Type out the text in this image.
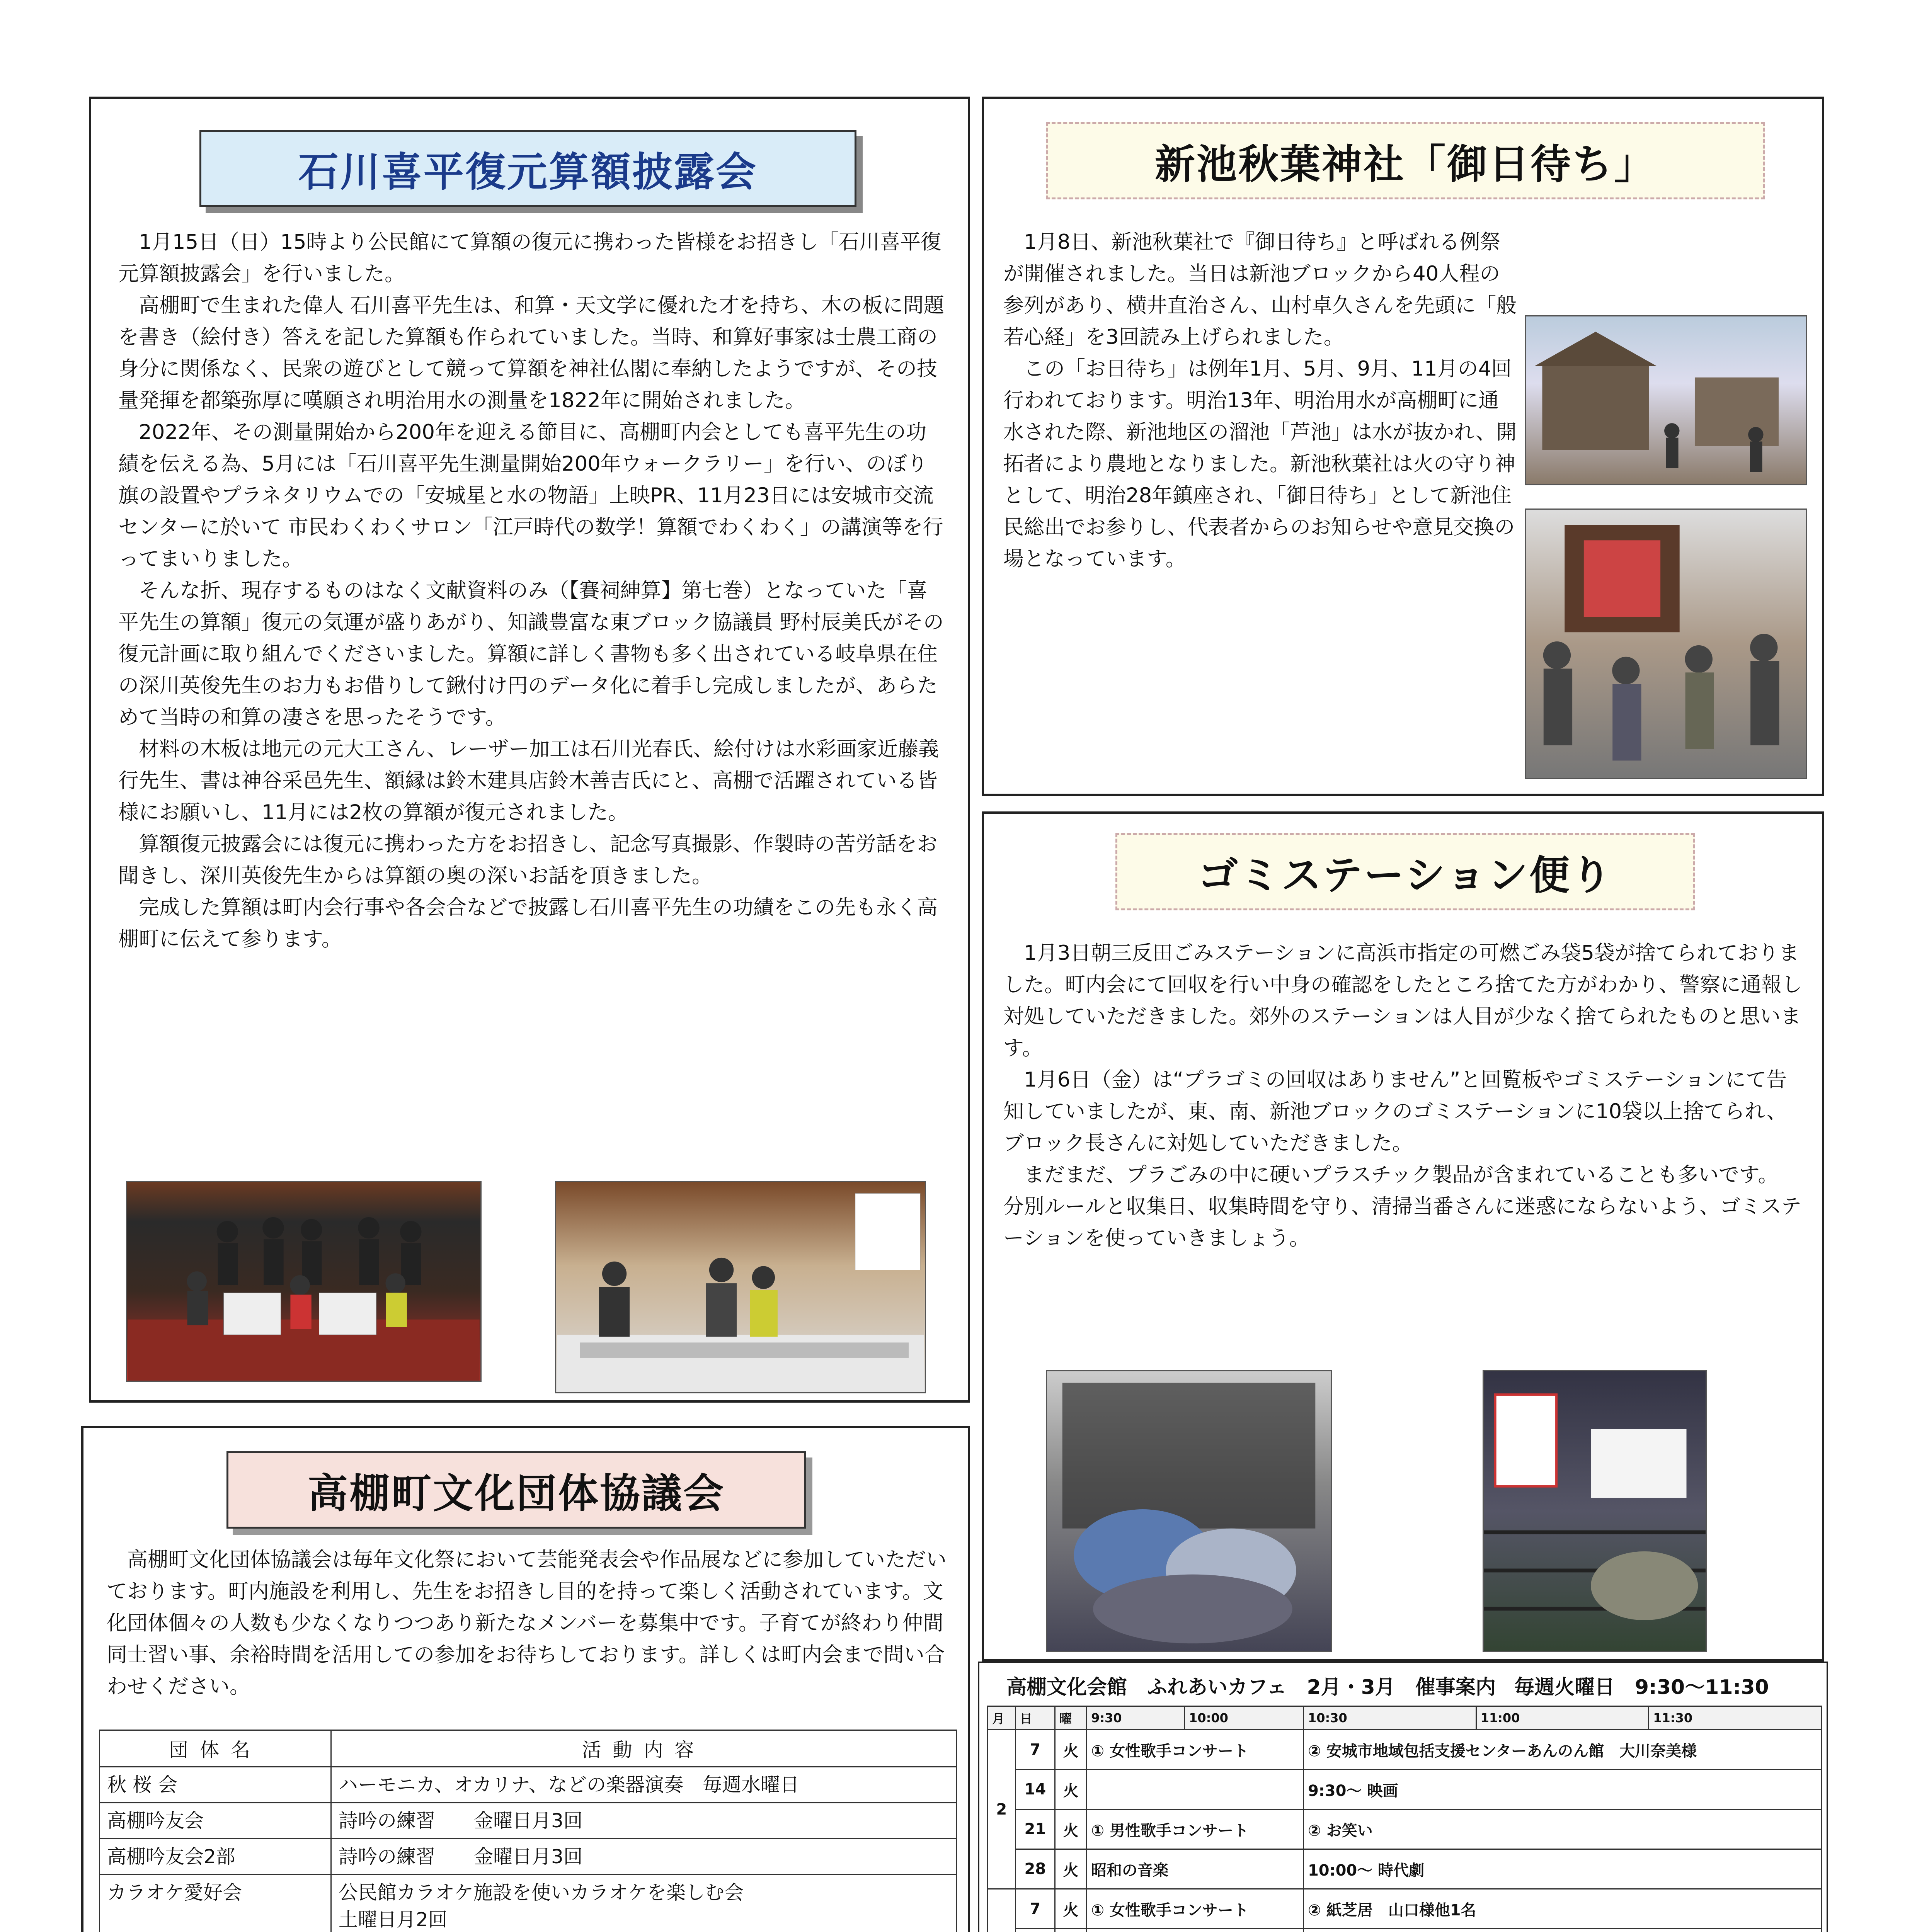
石川喜平復元算額披露会

1月15日（日）15時より公民館にて算額の復元に携わった皆様をお招きし「石川喜平復元算額披露会」を行いました。

高棚町で生まれた偉人 石川喜平先生は、和算・天文学に優れた才を持ち、木の板に問題を書き（絵付き）答えを記した算額も作られていました。当時、和算好事家は士農工商の身分に関係なく、民衆の遊びとして競って算額を神社仏閣に奉納したようですが、その技量発揮を都築弥厚に嘆願され明治用水の測量を1822年に開始されました。

2022年、その測量開始から200年を迎える節目に、高棚町内会としても喜平先生の功績を伝える為、5月には「石川喜平先生測量開始200年ウォークラリー」を行い、のぼり旗の設置やプラネタリウムでの「安城星と水の物語」上映PR、11月23日には安城市交流センターに於いて 市民わくわくサロン「江戸時代の数学！算額でわくわく」の講演等を行ってまいりました。

そんな折、現存するものはなく文献資料のみ（【賽祠紳算】第七巻）となっていた「喜平先生の算額」復元の気運が盛りあがり、知識豊富な東ブロック協議員 野村辰美氏がその復元計画に取り組んでくださいました。算額に詳しく書物も多く出されている岐阜県在住の深川英俊先生のお力もお借りして鍬付け円のデータ化に着手し完成しましたが、あらためて当時の和算の凄さを思ったそうです。

材料の木板は地元の元大工さん、レーザー加工は石川光春氏、絵付けは水彩画家近藤義行先生、書は神谷采邑先生、額縁は鈴木建具店鈴木善吉氏にと、高棚で活躍されている皆様にお願いし、11月には2枚の算額が復元されました。

算額復元披露会には復元に携わった方をお招きし、記念写真撮影、作製時の苦労話をお聞きし、深川英俊先生からは算額の奥の深いお話を頂きました。

完成した算額は町内会行事や各会合などで披露し石川喜平先生の功績をこの先も永く高棚町に伝えて参ります。

新池秋葉神社「御日待ち」

1月8日、新池秋葉社で『御日待ち』と呼ばれる例祭が開催されました。当日は新池ブロックから40人程の参列があり、横井直治さん、山村卓久さんを先頭に「般若心経」を3回読み上げられました。

この「お日待ち」は例年1月、5月、9月、11月の4回行われております。明治13年、明治用水が高棚町に通水された際、新池地区の溜池「芦池」は水が抜かれ、開拓者により農地となりました。新池秋葉社は火の守り神として、明治28年鎮座され、「御日待ち」として新池住民総出でお参りし、代表者からのお知らせや意見交換の場となっています。

ゴミステーション便り

1月3日朝三反田ごみステーションに高浜市指定の可燃ごみ袋5袋が捨てられておりました。町内会にて回収を行い中身の確認をしたところ捨てた方がわかり、警察に通報し対処していただきました。郊外のステーションは人目が少なく捨てられたものと思います。

1月6日（金）は“プラゴミの回収はありません”と回覧板やゴミステーションにて告知していましたが、東、南、新池ブロックのゴミステーションに10袋以上捨てられ、ブロック長さんに対処していただきました。

まだまだ、プラごみの中に硬いプラスチック製品が含まれていることも多いです。

分別ルールと収集日、収集時間を守り、清掃当番さんに迷惑にならないよう、ゴミステーションを使っていきましょう。

高棚町文化団体協議会

高棚町文化団体協議会は毎年文化祭において芸能発表会や作品展などに参加していただいております。町内施設を利用し、先生をお招きし目的を持って楽しく活動されています。文化団体個々の人数も少なくなりつつあり新たなメンバーを募集中です。子育てが終わり仲間同士習い事、余裕時間を活用しての参加をお待ちしております。詳しくは町内会まで問い合わせください。

団体名	活動内容
秋 桜 会	ハーモニカ、オカリナ、などの楽器演奏　毎週水曜日
高棚吟友会	詩吟の練習　　金曜日月3回
高棚吟友会2部	詩吟の練習　　金曜日月3回
カラオケ愛好会	公民館カラオケ施設を使いカラオケを楽しむ会
土曜日月2回

高棚文化会館　ふれあいカフェ　2月・3月　催事案内 毎週火曜日　9:30〜11:30
月	日	曜	9:30	10:00	10:30	11:00	11:30
2	7	火	① 女性歌手コンサート		② 安城市地域包括支援センターあんのん館　大川奈美様		
	14	火			9:30〜 映画		
	21	火	① 男性歌手コンサート		② お笑い		
	28	火	昭和の音楽		10:00〜 時代劇		
	7	火	① 女性歌手コンサート		② 紙芝居　山口様他1名		
